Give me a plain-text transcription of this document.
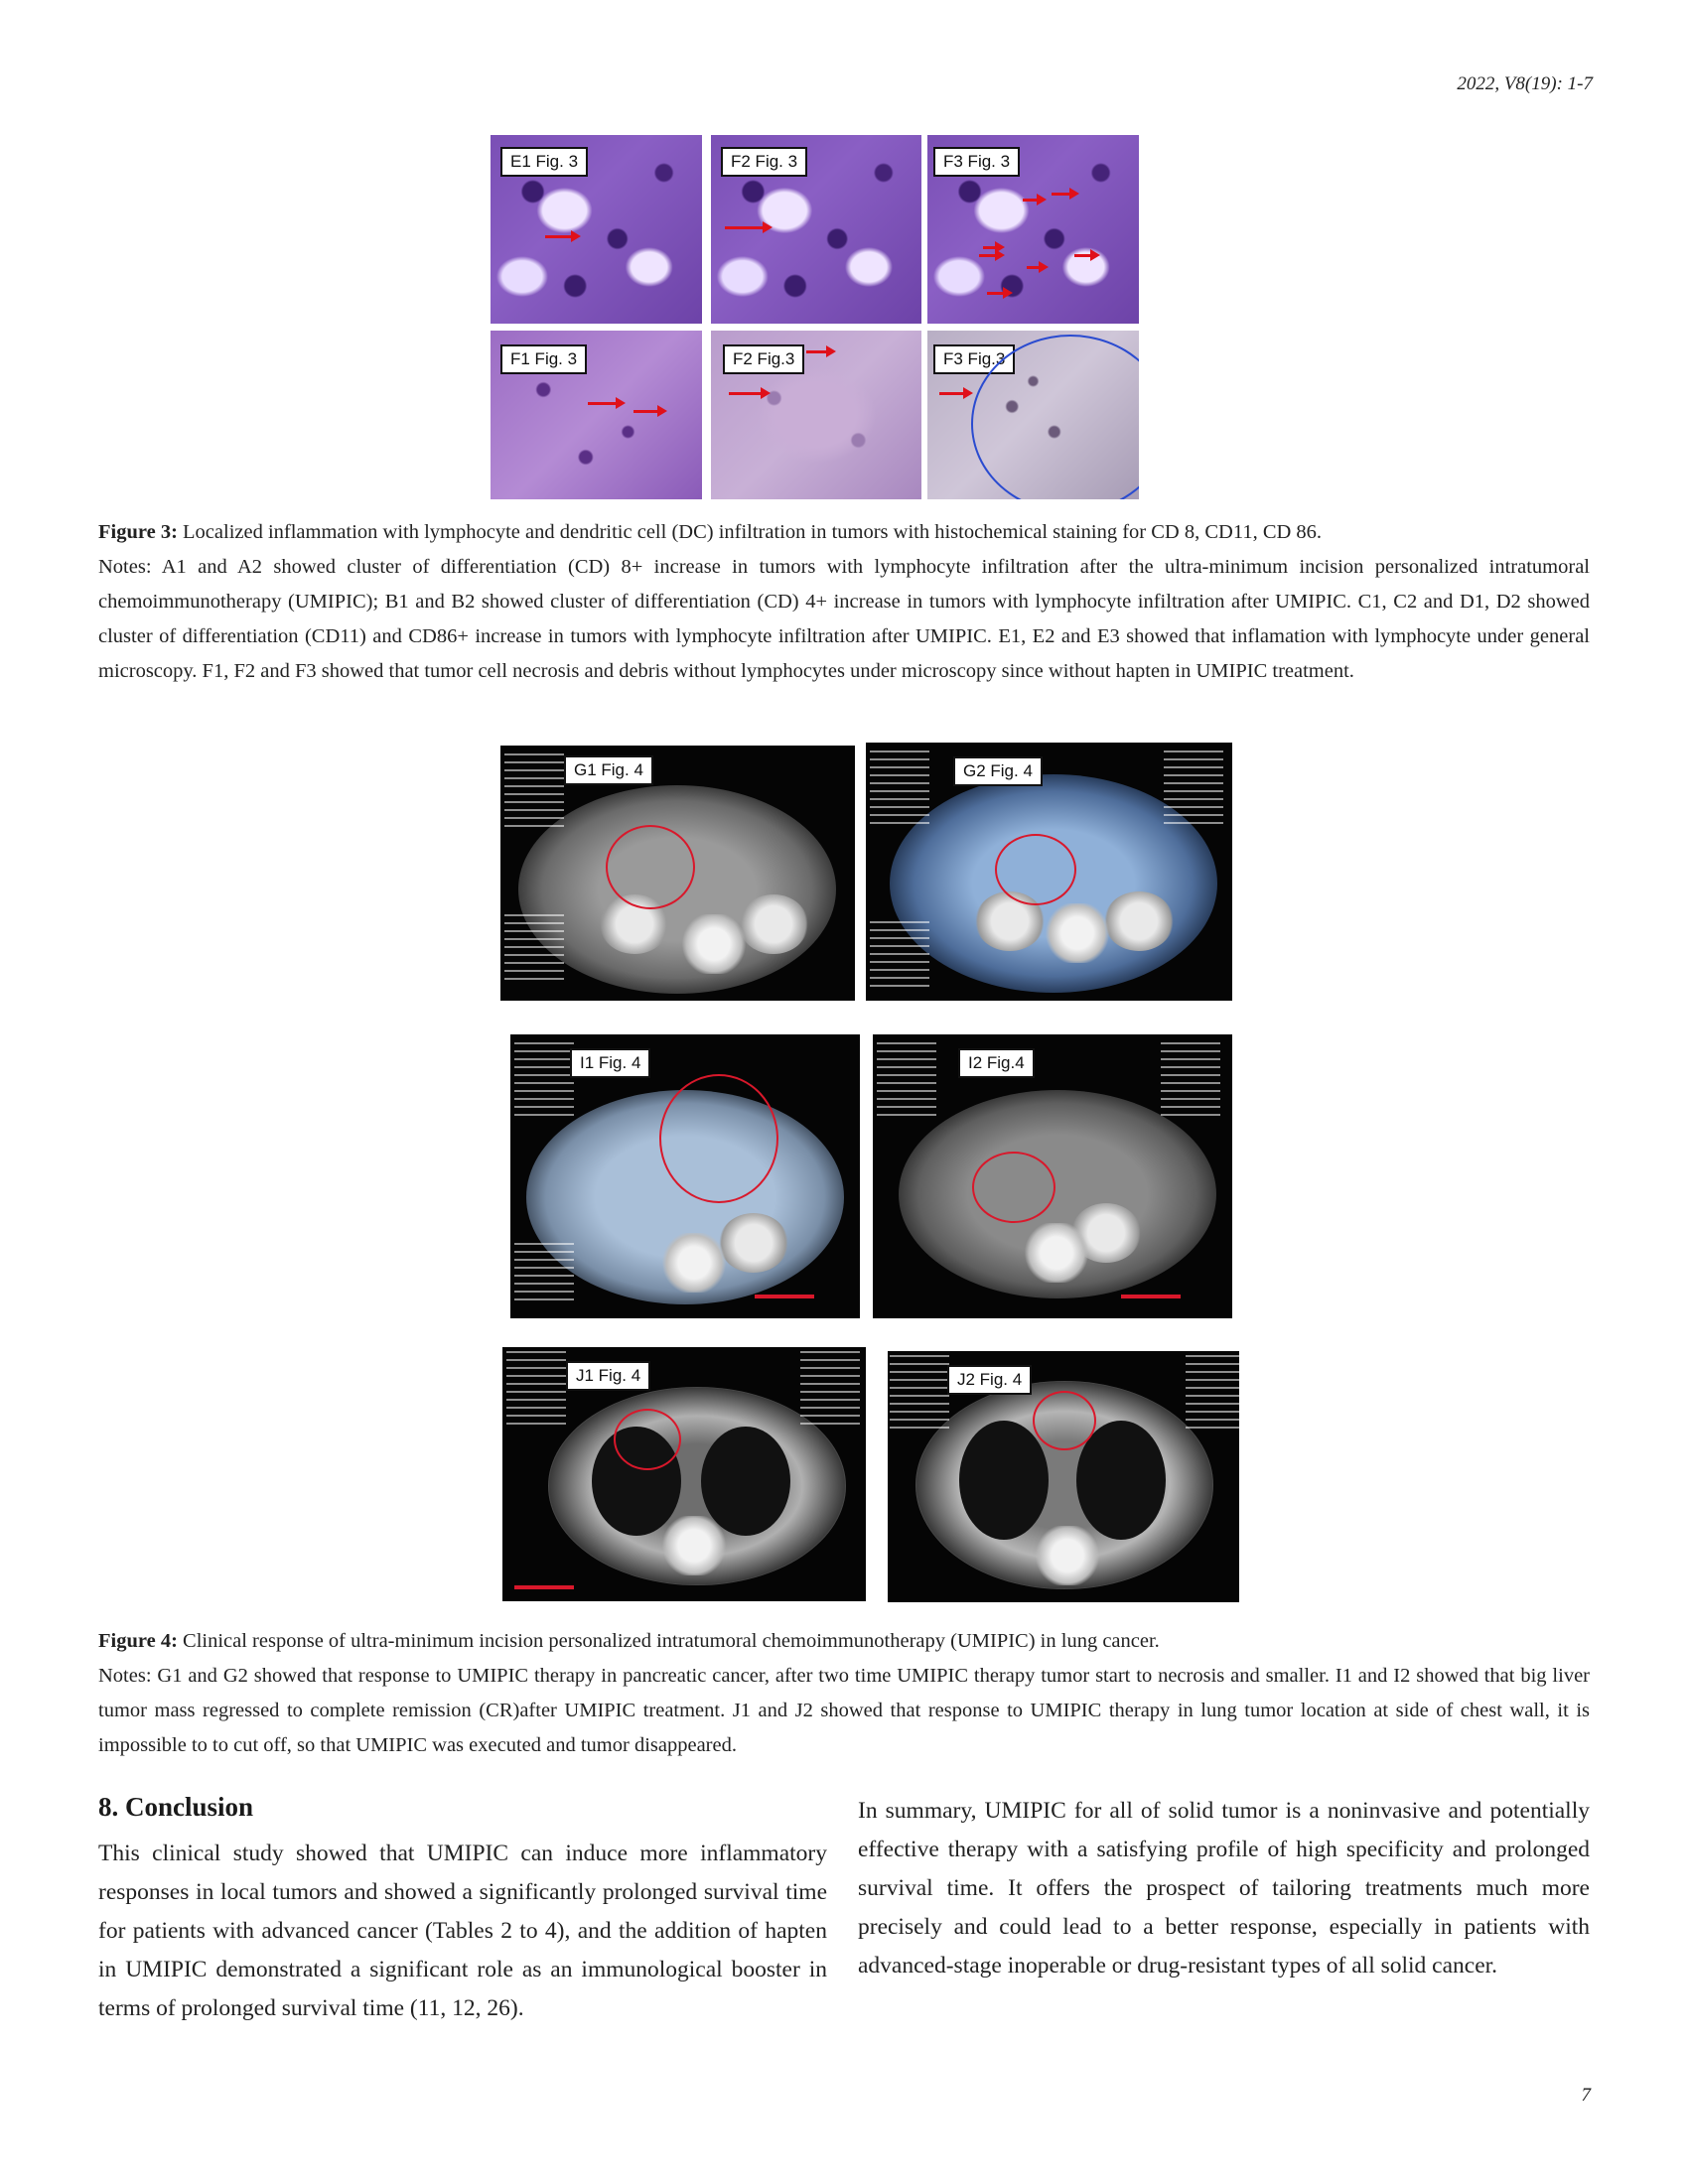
2022, V8(19): 1-7
E1 Fig. 3	F2 Fig. 3	F3 Fig. 3
F1 Fig. 3	F2 Fig.3	F3 Fig.3
Figure 3: Localized inflammation with lymphocyte and dendritic cell (DC) infiltration in tumors with histochemical staining for CD 8, CD11, CD 86.
Notes: A1 and A2 showed cluster of differentiation (CD) 8+ increase in tumors with lymphocyte infiltration after the ultra-minimum incision personalized intratumoral chemoimmunotherapy (UMIPIC); B1 and B2 showed cluster of differentiation (CD) 4+ increase in tumors with lymphocyte infiltration after UMIPIC. C1, C2 and D1, D2 showed cluster of differentiation (CD11) and CD86+ increase in tumors with lymphocyte infiltration after UMIPIC. E1, E2 and E3 showed that inflamation with lymphocyte under general microscopy. F1, F2 and F3 showed that tumor cell necrosis and debris without lymphocytes under microscopy since without hapten in UMIPIC treatment.
G1 Fig. 4	G2 Fig. 4
I1 Fig. 4	I2 Fig.4
J1 Fig. 4	J2 Fig. 4
Figure 4: Clinical response of ultra-minimum incision personalized intratumoral chemoimmunotherapy (UMIPIC) in lung cancer.
Notes: G1 and G2 showed that response to UMIPIC therapy in pancreatic cancer, after two time UMIPIC therapy tumor start to necrosis and smaller. I1 and I2 showed that big liver tumor mass regressed to complete remission (CR)after UMIPIC treatment. J1 and J2 showed that response to UMIPIC therapy in lung tumor location at side of chest wall, it is impossible to to cut off, so that UMIPIC was executed and tumor disappeared.
8. Conclusion
This clinical study showed that UMIPIC can induce more inflammatory responses in local tumors and showed a significantly prolonged survival time for patients with advanced cancer (Tables 2 to 4), and the addition of hapten in UMIPIC demonstrated a significant role as an immunological booster in terms of prolonged survival time (11, 12, 26).
In summary, UMIPIC for all of solid tumor is a noninvasive and potentially effective therapy with a satisfying profile of high specificity and prolonged survival time. It offers the prospect of tailoring treatments much more precisely and could lead to a better response, especially in patients with advanced-stage inoperable or drug-resistant types of all solid cancer.
7
